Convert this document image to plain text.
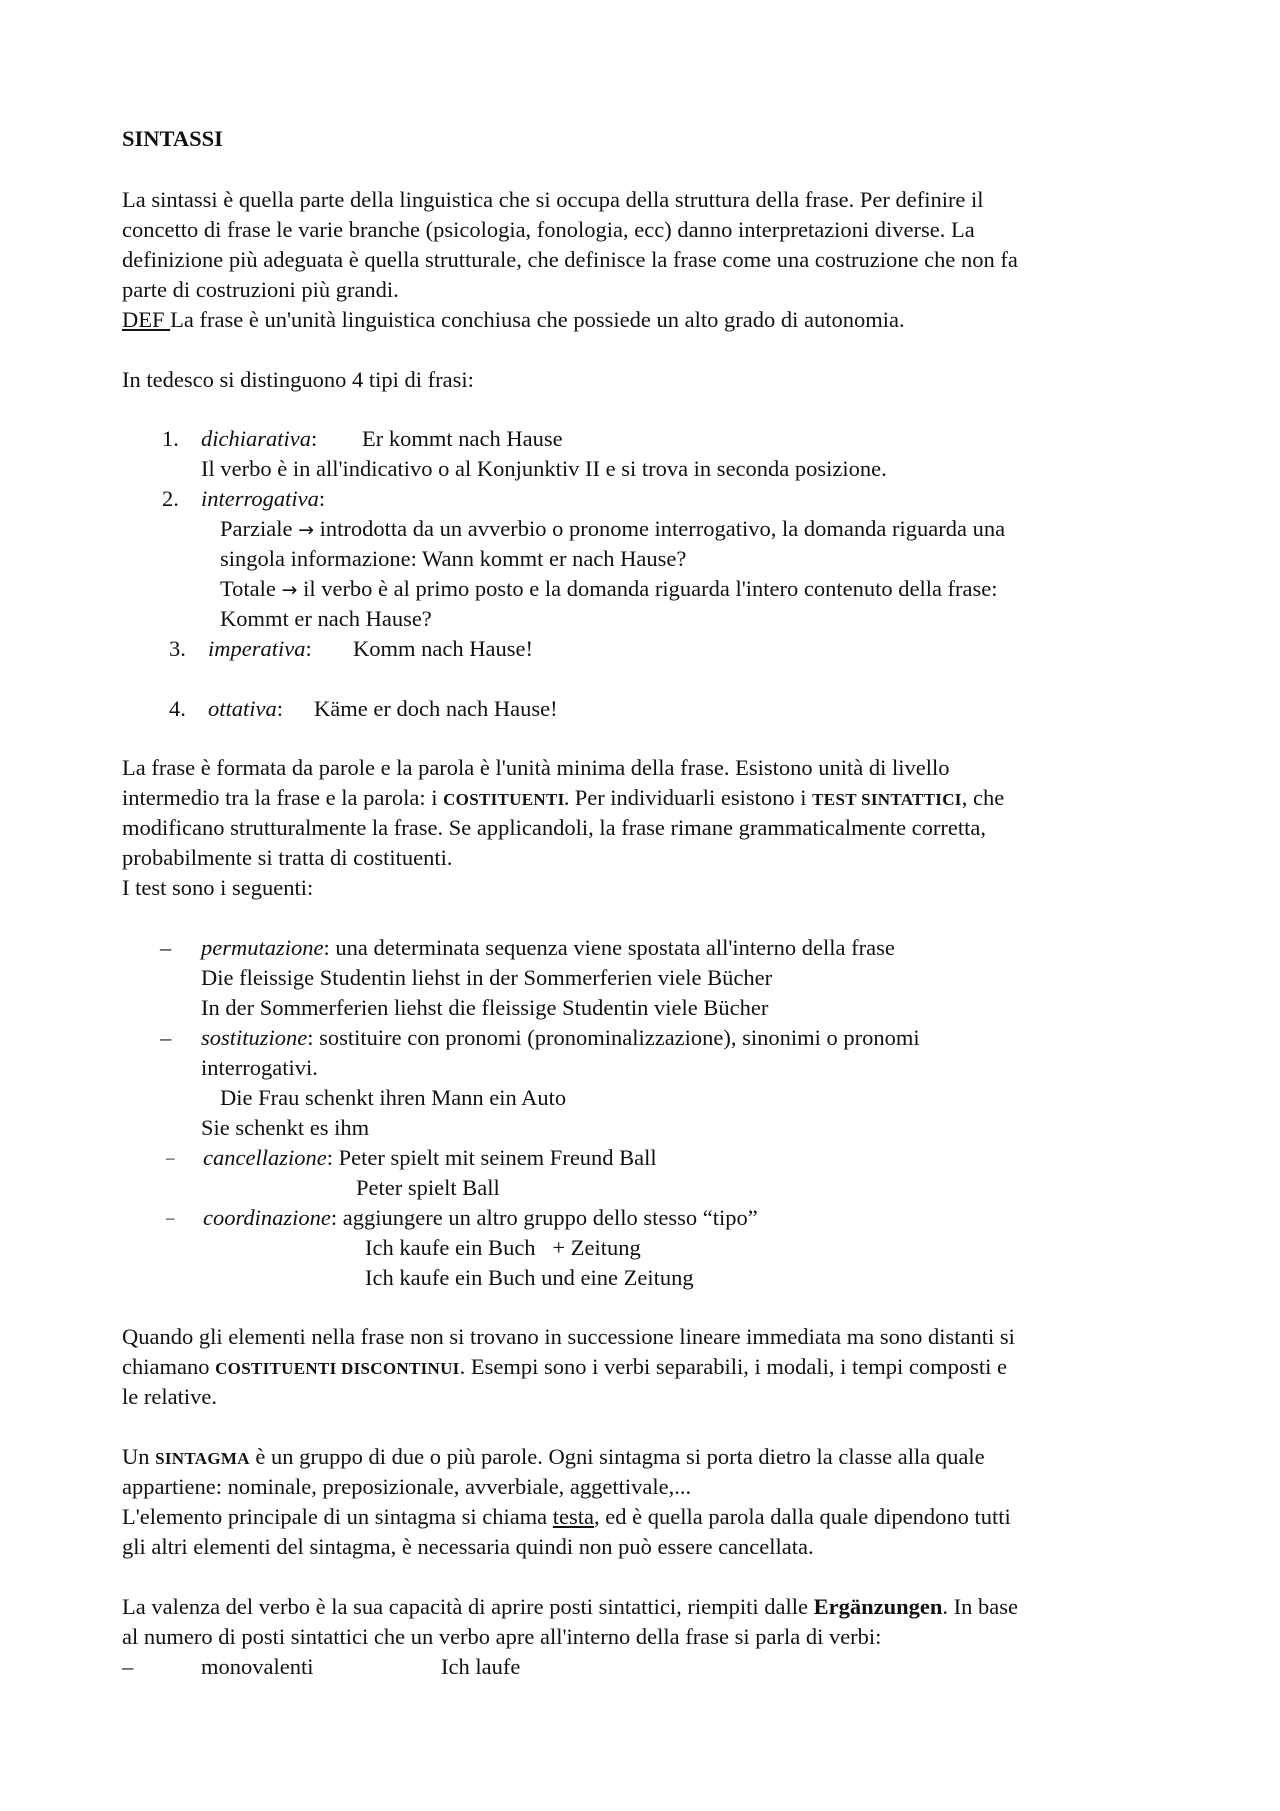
SINTASSI
La sintassi è quella parte della linguistica che si occupa della struttura della frase. Per definire il
concetto di frase le varie branche (psicologia, fonologia, ecc) danno interpretazioni diverse. La
definizione più adeguata è quella strutturale, che definisce la frase come una costruzione che non fa
parte di costruzioni più grandi.
DEF La frase è un'unità linguistica conchiusa che possiede un alto grado di autonomia.
In tedesco si distinguono 4 tipi di frasi:
1. dichiarativa: Er kommt nach Hause
Il verbo è in all'indicativo o al Konjunktiv II e si trova in seconda posizione.
2. interrogativa:
Parziale → introdotta da un avverbio o pronome interrogativo, la domanda riguarda una
singola informazione: Wann kommt er nach Hause?
Totale → il verbo è al primo posto e la domanda riguarda l'intero contenuto della frase:
Kommt er nach Hause?
3. imperativa: Komm nach Hause!
4. ottativa: Käme er doch nach Hause!
La frase è formata da parole e la parola è l'unità minima della frase. Esistono unità di livello
intermedio tra la frase e la parola: i COSTITUENTI. Per individuarli esistono i TEST SINTATTICI, che
modificano strutturalmente la frase. Se applicandoli, la frase rimane grammaticalmente corretta,
probabilmente si tratta di costituenti.
I test sono i seguenti:
– permutazione: una determinata sequenza viene spostata all'interno della frase
Die fleissige Studentin liehst in der Sommerferien viele Bücher
In der Sommerferien liehst die fleissige Studentin viele Bücher
– sostituzione: sostituire con pronomi (pronominalizzazione), sinonimi o pronomi
interrogativi.
Die Frau schenkt ihren Mann ein Auto
Sie schenkt es ihm
– cancellazione: Peter spielt mit seinem Freund Ball
Peter spielt Ball
– coordinazione: aggiungere un altro gruppo dello stesso “tipo”
Ich kaufe ein Buch   + Zeitung
Ich kaufe ein Buch und eine Zeitung
Quando gli elementi nella frase non si trovano in successione lineare immediata ma sono distanti si
chiamano COSTITUENTI DISCONTINUI. Esempi sono i verbi separabili, i modali, i tempi composti e
le relative.
Un SINTAGMA è un gruppo di due o più parole. Ogni sintagma si porta dietro la classe alla quale
appartiene: nominale, preposizionale, avverbiale, aggettivale,...
L'elemento principale di un sintagma si chiama testa, ed è quella parola dalla quale dipendono tutti
gli altri elementi del sintagma, è necessaria quindi non può essere cancellata.
La valenza del verbo è la sua capacità di aprire posti sintattici, riempiti dalle Ergänzungen. In base
al numero di posti sintattici che un verbo apre all'interno della frase si parla di verbi:
–	monovalenti	Ich laufe
